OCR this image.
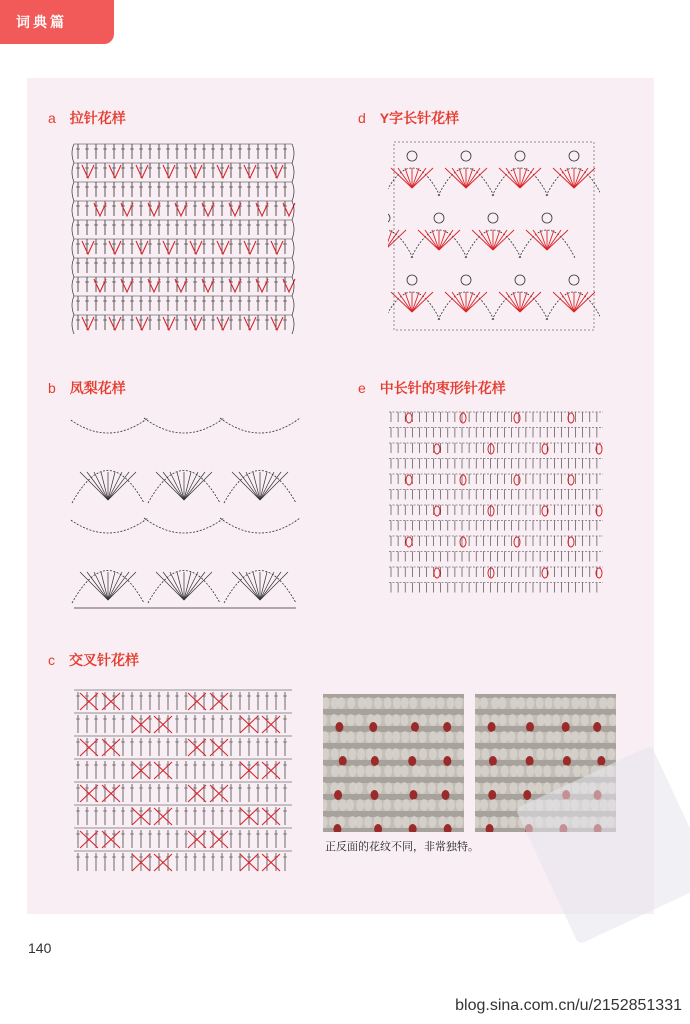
词典篇
a 拉针花样	d Y字长针花样
b 凤梨花样	e 中长针的枣形针花样
c 交叉针花样
正反面的花纹不同，非常独特。
140
blog.sina.com.cn/u/2152851331
